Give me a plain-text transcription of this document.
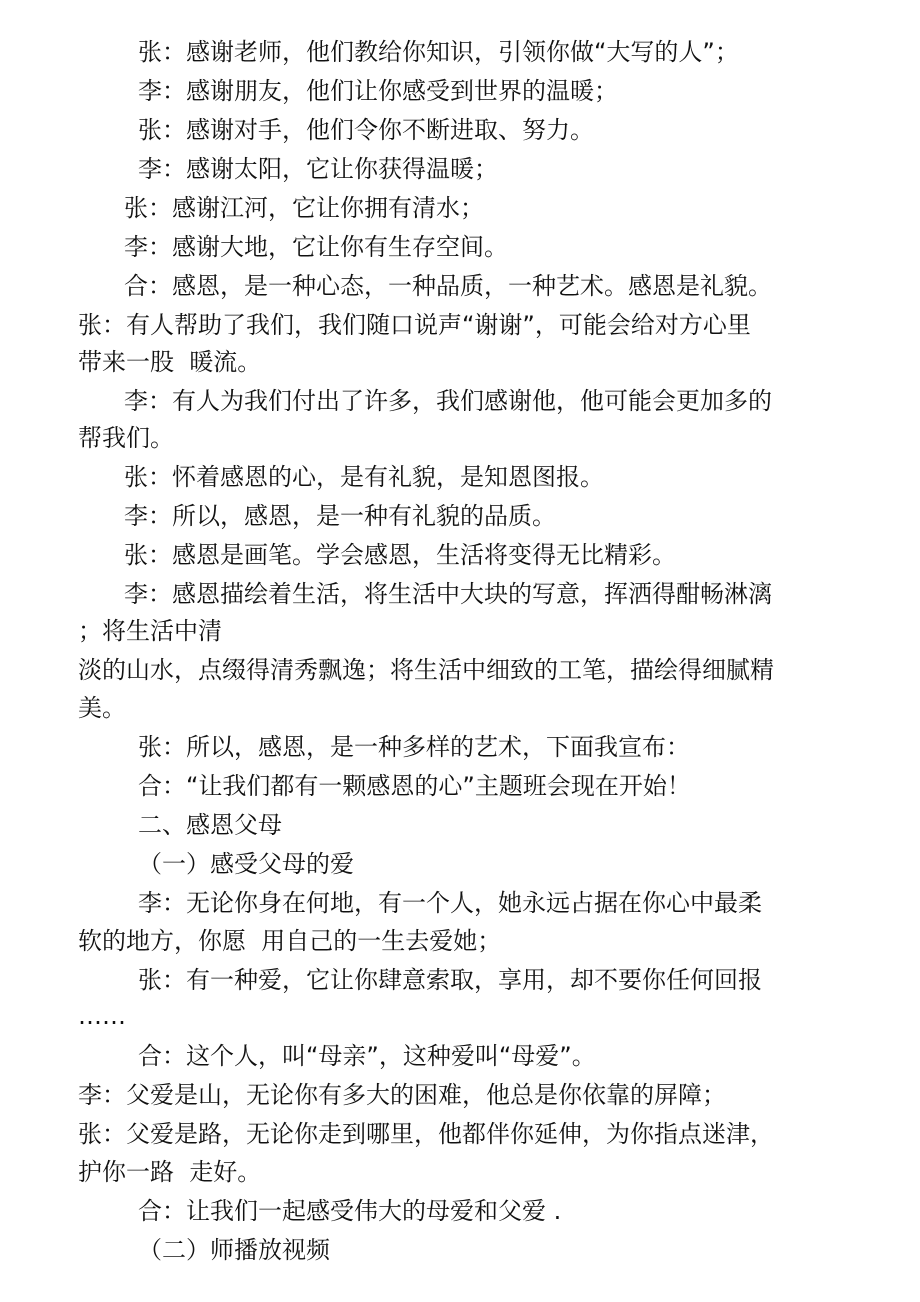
张：感谢老师，他们教给你知识，引领你做“大写的人”；
李：感谢朋友，他们让你感受到世界的温暖；
张：感谢对手，他们令你不断进取、努力。
李：感谢太阳，它让你获得温暖；
张：感谢江河，它让你拥有清水；
李：感谢大地，它让你有生存空间。
合：感恩，是一种心态，一种品质，一种艺术。感恩是礼貌。
张：有人帮助了我们，我们随口说声“谢谢”，可能会给对方心里
带来一股  暖流。
李：有人为我们付出了许多，我们感谢他，他可能会更加多的
帮我们。
张：怀着感恩的心，是有礼貌，是知恩图报。
李：所以，感恩，是一种有礼貌的品质。
张：感恩是画笔。学会感恩，生活将变得无比精彩。
李：感恩描绘着生活，将生活中大块的写意，挥洒得酣畅淋漓
；将生活中清
淡的山水，点缀得清秀飘逸；将生活中细致的工笔，描绘得细腻精
美。
张：所以，感恩，是一种多样的艺术，下面我宣布：
合：“让我们都有一颗感恩的心”主题班会现在开始！
二、感恩父母
（一）感受父母的爱
李：无论你身在何地，有一个人，她永远占据在你心中最柔
软的地方，你愿  用自己的一生去爱她；
张：有一种爱，它让你肆意索取，享用，却不要你任何回报
……
合：这个人，叫“母亲”，这种爱叫“母爱”。
李：父爱是山，无论你有多大的困难，他总是你依靠的屏障；
张：父爱是路，无论你走到哪里，他都伴你延伸，为你指点迷津，
护你一路  走好。
合：让我们一起感受伟大的母爱和父爱 .
（二）师播放视频
